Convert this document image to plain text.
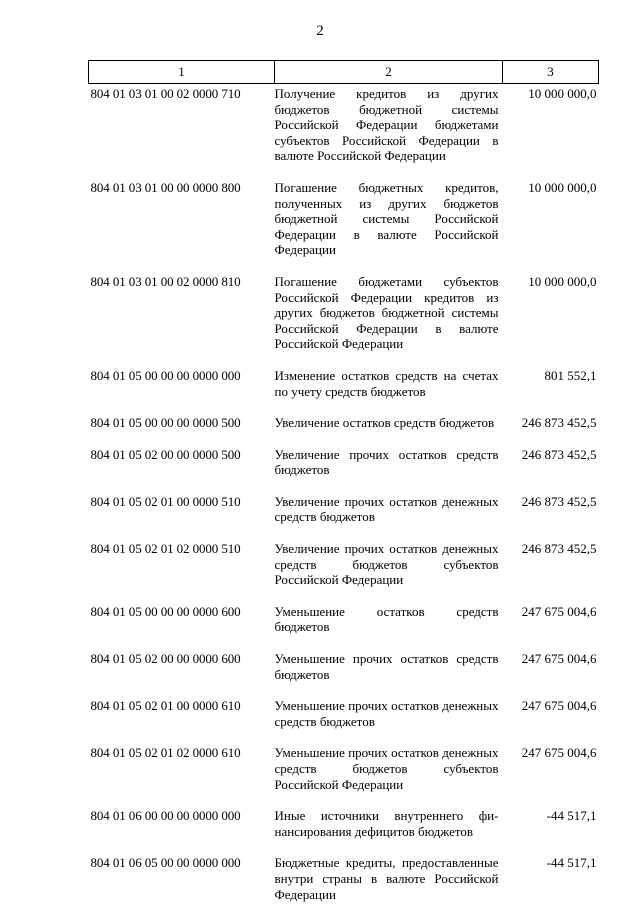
2
1	2	3
804 01 03 01 00 02 0000 710	Получение кредитов из других бюджетов бюджетной системы Российской Федерации бюджетами субъектов Российской Федерации в валюте Российской Федерации	10 000 000,0
804 01 03 01 00 00 0000 800	Погашение бюджетных кредитов, полученных из других бюджетов бюджетной системы Российской Федерации в валюте Российской Федерации	10 000 000,0
804 01 03 01 00 02 0000 810	Погашение бюджетами субъектов Российской Федерации кредитов из других бюджетов бюджетной системы Российской Федерации в валюте Российской Федерации	10 000 000,0
804 01 05 00 00 00 0000 000	Изменение остатков средств на счетах по учету средств бюджетов	801 552,1
804 01 05 00 00 00 0000 500	Увеличение остатков средств бюджетов	246 873 452,5
804 01 05 02 00 00 0000 500	Увеличение прочих остатков средств бюджетов	246 873 452,5
804 01 05 02 01 00 0000 510	Увеличение прочих остатков денежных средств бюджетов	246 873 452,5
804 01 05 02 01 02 0000 510	Увеличение прочих остатков денежных средств бюджетов субъектов Российской Федерации	246 873 452,5
804 01 05 00 00 00 0000 600	Уменьшение остатков средств бюджетов	247 675 004,6
804 01 05 02 00 00 0000 600	Уменьшение прочих остатков средств бюджетов	247 675 004,6
804 01 05 02 01 00 0000 610	Уменьшение прочих остатков денежных средств бюджетов	247 675 004,6
804 01 05 02 01 02 0000 610	Уменьшение прочих остатков денежных средств бюджетов субъектов Российской Федерации	247 675 004,6
804 01 06 00 00 00 0000 000	Иные источники внутреннего финансирования дефицитов бюджетов	-44 517,1
804 01 06 05 00 00 0000 000	Бюджетные кредиты, предоставленные внутри страны в валюте Российской Федерации	-44 517,1
